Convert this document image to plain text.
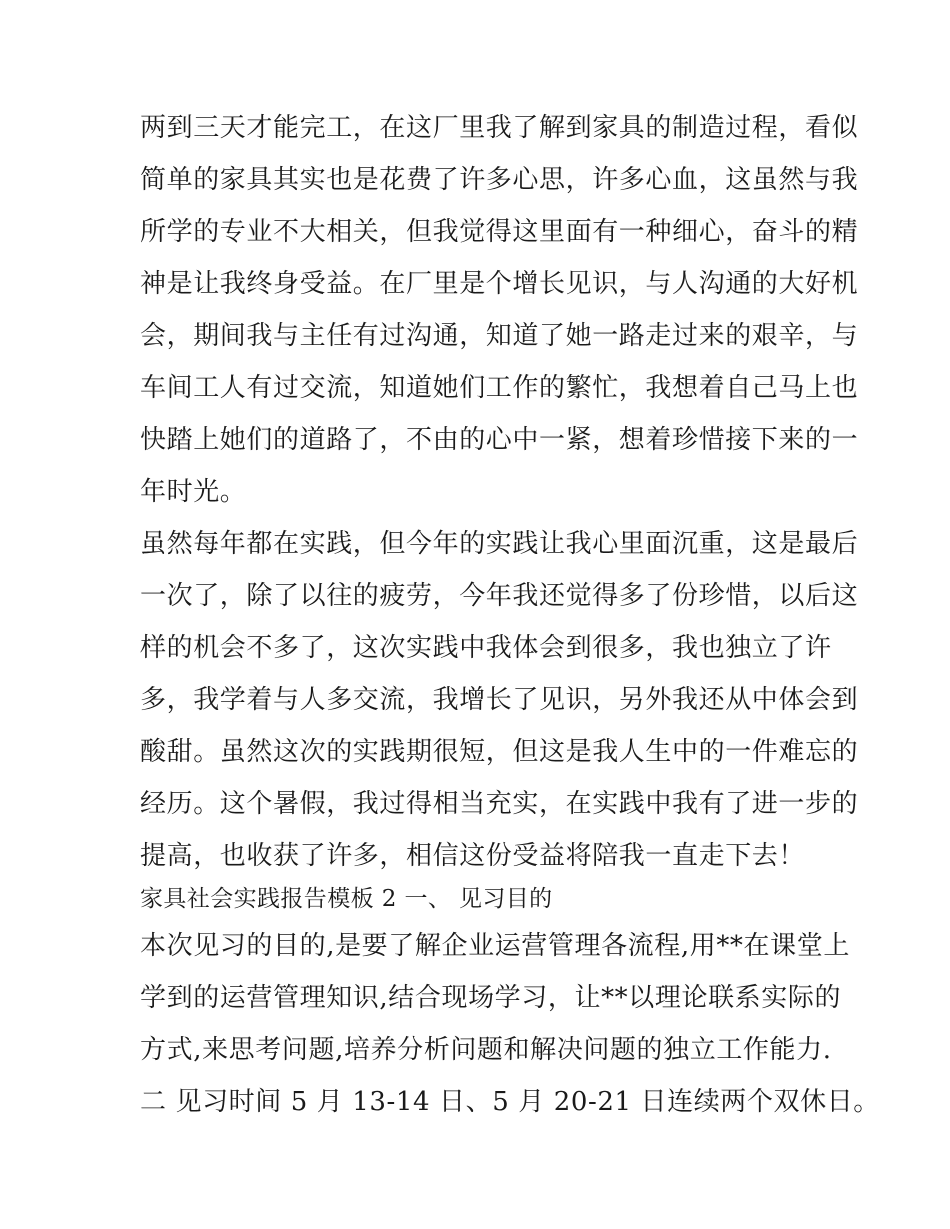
两到三天才能完工，在这厂里我了解到家具的制造过程，看似
简单的家具其实也是花费了许多心思，许多心血，这虽然与我
所学的专业不大相关，但我觉得这里面有一种细心，奋斗的精
神是让我终身受益。在厂里是个增长见识，与人沟通的大好机
会，期间我与主任有过沟通，知道了她一路走过来的艰辛，与
车间工人有过交流，知道她们工作的繁忙，我想着自己马上也
快踏上她们的道路了，不由的心中一紧，想着珍惜接下来的一
年时光。
虽然每年都在实践，但今年的实践让我心里面沉重，这是最后
一次了，除了以往的疲劳，今年我还觉得多了份珍惜，以后这
样的机会不多了，这次实践中我体会到很多，我也独立了许
多，我学着与人多交流，我增长了见识，另外我还从中体会到
酸甜。虽然这次的实践期很短，但这是我人生中的一件难忘的
经历。这个暑假，我过得相当充实，在实践中我有了进一步的
提高，也收获了许多，相信这份受益将陪我一直走下去！
家具社会实践报告模板 2 一、 见习目的
本次见习的目的,是要了解企业运营管理各流程,用**在课堂上
学到的运营管理知识,结合现场学习，让**以理论联系实际的
方式,来思考问题,培养分析问题和解决问题的独立工作能力.
二 见习时间 5 月 13-14 日、5 月 20-21 日连续两个双休日。
